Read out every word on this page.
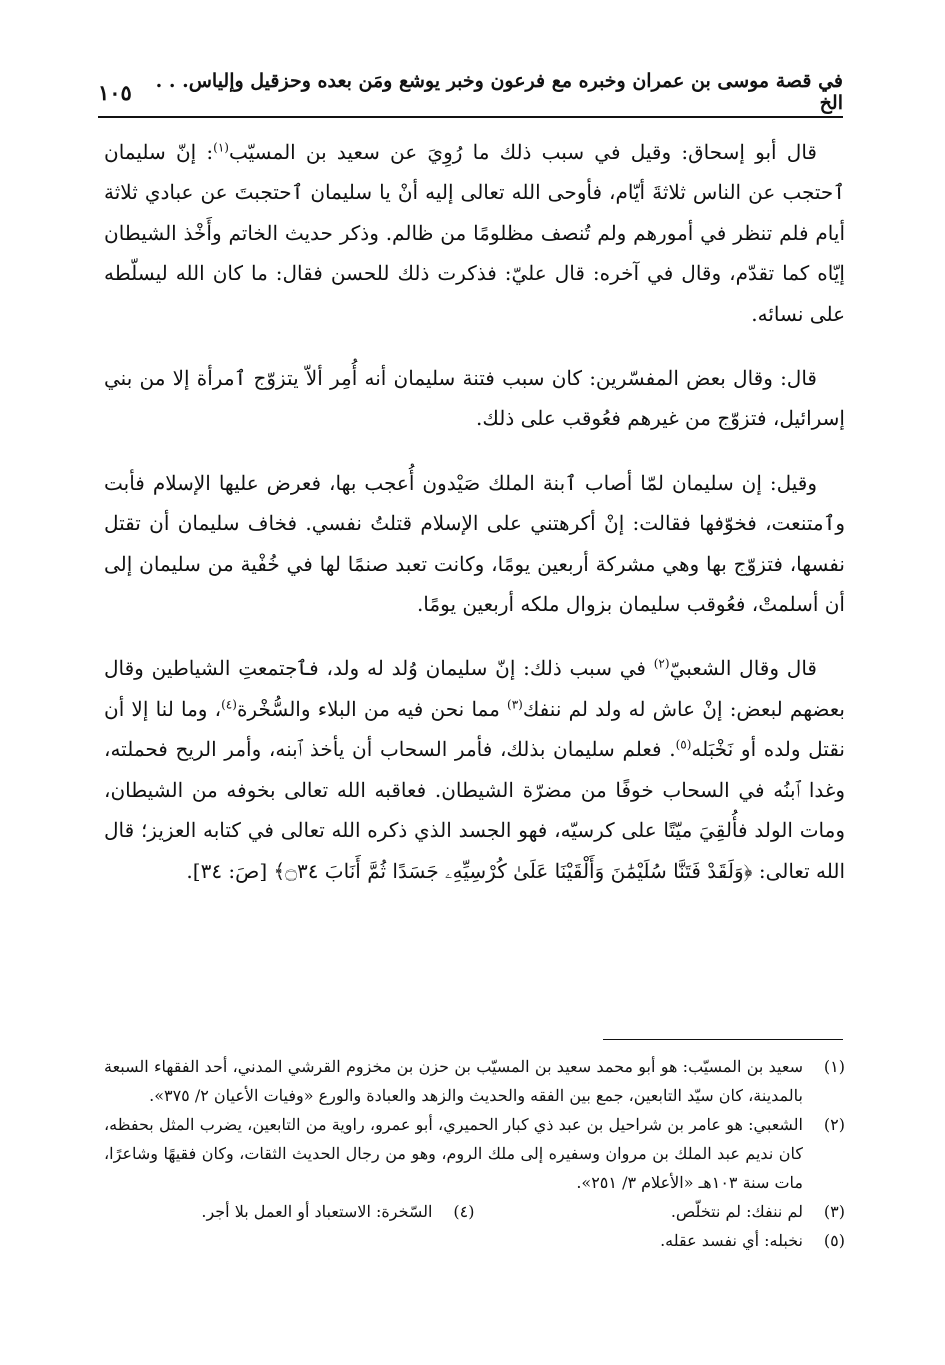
في قصة موسى بن عمران وخبره مع فرعون وخبر يوشع ومَن بعده وحزقيل وإلياس. . . الخ
١٠٥

قال أبو إسحاق: وقيل في سبب ذلك ما رُوِيَ عن سعيد بن المسيّب$^{(١)}$: إنّ سليمان ٱحتجب عن الناس ثلاثةَ أيّام، فأوحى الله تعالى إليه أنْ يا سليمان ٱحتجبتَ عن عبادي ثلاثة أيام فلم تنظر في أمورهم ولم تُنصف مظلومًا من ظالم. وذكر حديث الخاتم وأَخْذ الشيطان إيّاه كما تقدّم، وقال في آخره: قال عليّ: فذكرت ذلك للحسن فقال: ما كان الله ليسلّطه على نسائه.

قال: وقال بعض المفسّرين: كان سبب فتنة سليمان أنه أُمِر ألاّ يتزوّج ٱمرأة إلا من بني إسرائيل، فتزوّج من غيرهم فعُوقب على ذلك.

وقيل: إن سليمان لمّا أصاب ٱبنة الملك صَيْدون أُعجب بها، فعرض عليها الإسلام فأبت وٱمتنعت، فخوّفها فقالت: إنْ أكرهتني على الإسلام قتلتُ نفسي. فخاف سليمان أن تقتل نفسها، فتزوّج بها وهي مشركة أربعين يومًا، وكانت تعبد صنمًا لها في خُفْية من سليمان إلى أن أسلمتْ، فعُوقب سليمان بزوال ملكه أربعين يومًا.

قال وقال الشعبيّ$^{(٢)}$ في سبب ذلك: إنّ سليمان وُلد له ولد، فٱجتمعتِ الشياطين وقال بعضهم لبعض: إنْ عاش له ولد لم ننفك$^{(٣)}$ مما نحن فيه من البلاء والسُّخْرة$^{(٤)}$، وما لنا إلا أن نقتل ولده أو نَخْبَله$^{(٥)}$. فعلم سليمان بذلك، فأمر السحاب أن يأخذ ٱبنه، وأمر الريح فحملته، وغدا ٱبنُه في السحاب خوفًا من مضرّة الشيطان. فعاقبه الله تعالى بخوفه من الشيطان، ومات الولد فأُلقِيَ ميّتًا على كرسيّه، فهو الجسد الذي ذكره الله تعالى في كتابه العزيز؛ قال الله تعالى: ﴿وَلَقَدْ فَتَنَّا سُلَيْمَٰنَ وَأَلْقَيْنَا عَلَىٰ كُرْسِيِّهِۦ جَسَدًا ثُمَّ أَنَابَ ۝٣٤﴾ [صَ: ٣٤].

(١)
سعيد بن المسيّب: هو أبو محمد سعيد بن المسيّب بن حزن بن مخزوم القرشي المدني، أحد الفقهاء السبعة بالمدينة، كان سيّد التابعين، جمع بين الفقه والحديث والزهد والعبادة والورع «وفيات الأعيان ٢/ ٣٧٥».
(٢)
الشعبي: هو عامر بن شراحيل بن عبد ذي كبار الحميري، أبو عمرو، راوية من التابعين، يضرب المثل بحفظه، كان نديم عبد الملك بن مروان وسفيره إلى ملك الروم، وهو من رجال الحديث الثقات، وكان فقيهًا وشاعرًا، مات سنة ١٠٣هـ «الأعلام ٣/ ٢٥١».
(٣)
لم ننفك: لم نتخلّص.
(٤)
السّخرة: الاستعباد أو العمل بلا أجر.
(٥)
نخبله: أي نفسد عقله.
